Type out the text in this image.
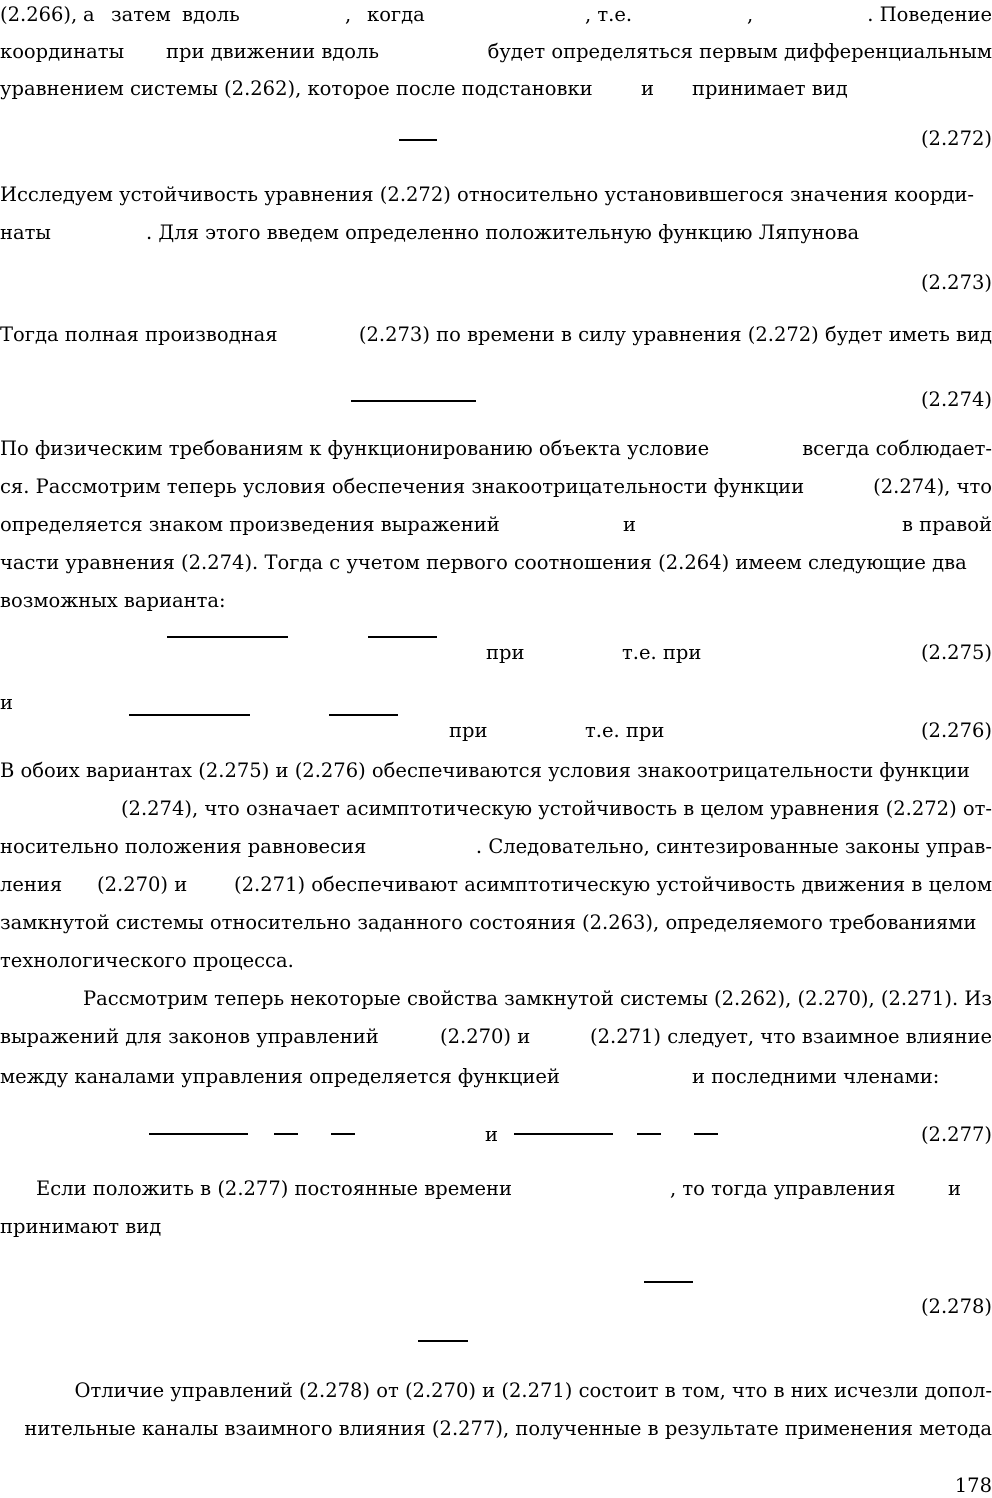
(2.266), а затем вдоль	, когда	, т.е.	,	. Поведение
координаты при движении вдоль	будет определяться первым дифференциальным
уравнением системы (2.262), которое после подстановки и принимает вид
(2.272)
Исследуем устойчивость уравнения (2.272) относительно установившегося значения коорди-
наты	. Для этого введем определенно положительную функцию Ляпунова
(2.273)
Тогда полная производная	(2.273) по времени в силу уравнения (2.272) будет иметь вид
(2.274)
По физическим требованиям к функционированию объекта условие	всегда соблюдает-
ся. Рассмотрим теперь условия обеспечения знакоотрицательности функции	(2.274), что
определяется знаком произведения выражений	и	в правой
части уравнения (2.274). Тогда с учетом первого соотношения (2.264) имеем следующие два
возможных варианта:
при	т.е. при	(2.275)
и
при	т.е. при	(2.276)
В обоих вариантах (2.275) и (2.276) обеспечиваются условия знакоотрицательности функции
(2.274), что означает асимптотическую устойчивость в целом уравнения (2.272) от-
носительно положения равновесия	. Следовательно, синтезированные законы управ-
ления (2.270) и (2.271) обеспечивают асимптотическую устойчивость движения в целом
замкнутой системы относительно заданного состояния (2.263), определяемого требованиями
технологического процесса.
Рассмотрим теперь некоторые свойства замкнутой системы (2.262), (2.270), (2.271). Из
выражений для законов управлений	(2.270) и	(2.271) следует, что взаимное влияние
между каналами управления определяется функцией	и последними членами:
и	(2.277)
Если положить в (2.277) постоянные времени	, то тогда управления	и
принимают вид
(2.278)
Отличие управлений (2.278) от (2.270) и (2.271) состоит в том, что в них исчезли допол-
нительные каналы взаимного влияния (2.277), полученные в результате применения метода
178
